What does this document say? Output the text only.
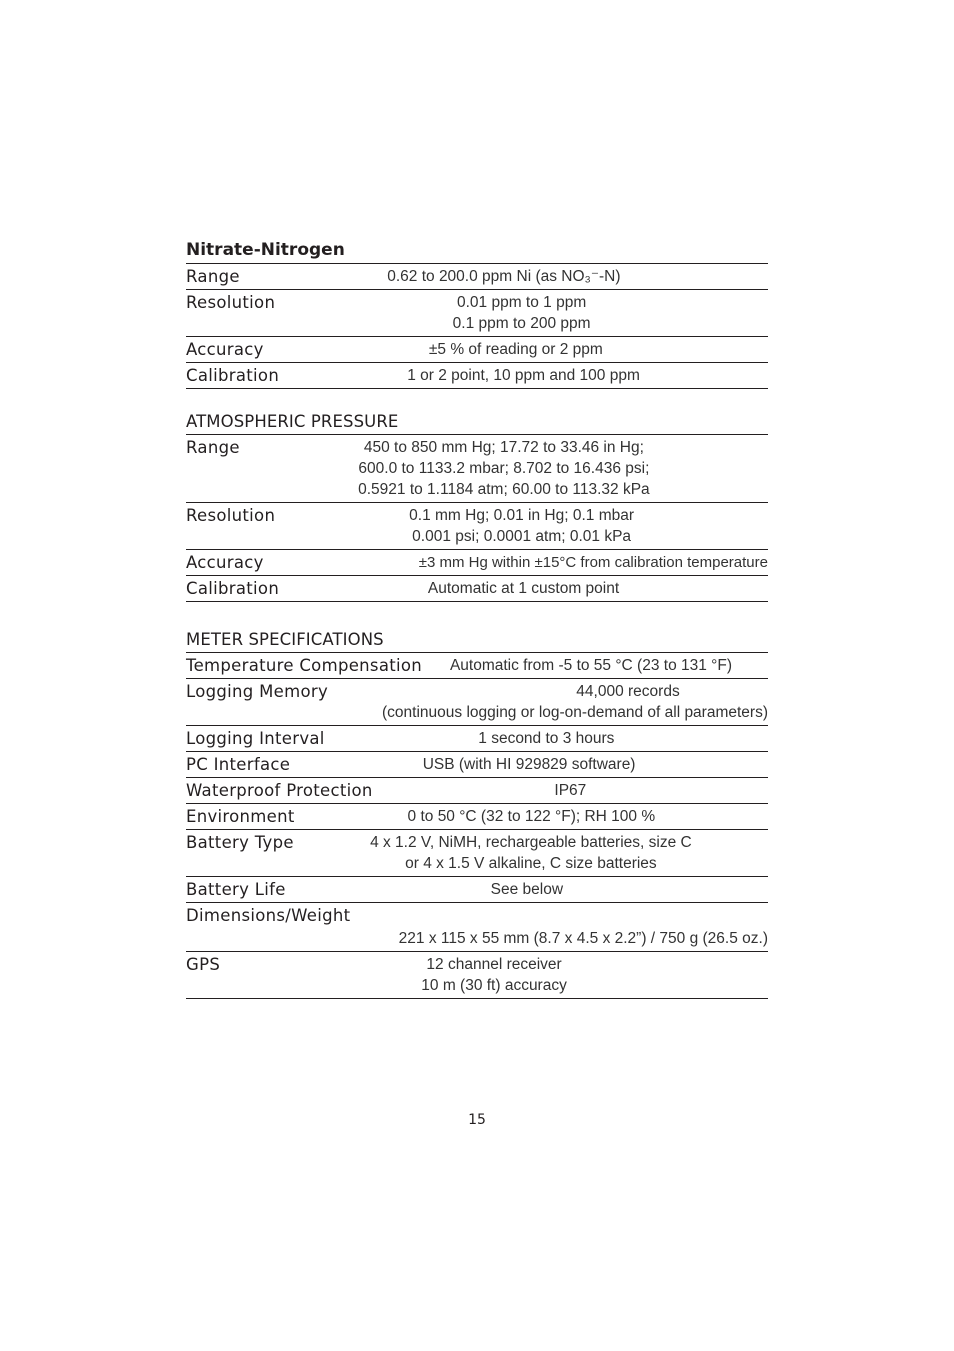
Nitrate-Nitrogen
Range	0.62 to 200.0 ppm Ni (as NO₃⁻-N)
Resolution	0.01 ppm to 1 ppm
0.1 ppm to 200 ppm
Accuracy	±5 % of reading or 2 ppm
Calibration	1 or 2 point, 10 ppm and 100 ppm
ATMOSPHERIC PRESSURE
Range	450 to 850 mm Hg; 17.72 to 33.46 in Hg;
600.0 to 1133.2 mbar; 8.702 to 16.436 psi;
0.5921 to 1.1184 atm; 60.00 to 113.32 kPa
Resolution	0.1 mm Hg; 0.01 in Hg; 0.1 mbar
0.001 psi; 0.0001 atm; 0.01 kPa
Accuracy	±3 mm Hg within ±15°C from calibration temperature
Calibration	Automatic at 1 custom point
METER SPECIFICATIONS
Temperature Compensation	Automatic from -5 to 55 °C (23 to 131 °F)
Logging Memory	44,000 records
(continuous logging or log-on-demand of all parameters)
Logging Interval	1 second to 3 hours
PC Interface	USB (with HI 929829 software)
Waterproof Protection	IP67
Environment	0 to 50 °C (32 to 122 °F); RH 100 %
Battery Type	4 x 1.2 V, NiMH, rechargeable batteries, size C
or 4 x 1.5 V alkaline, C size batteries
Battery Life	See below
Dimensions/Weight
221 x 115 x 55 mm (8.7 x 4.5 x 2.2”) / 750 g (26.5 oz.)
GPS	12 channel receiver
10 m (30 ft) accuracy
15
